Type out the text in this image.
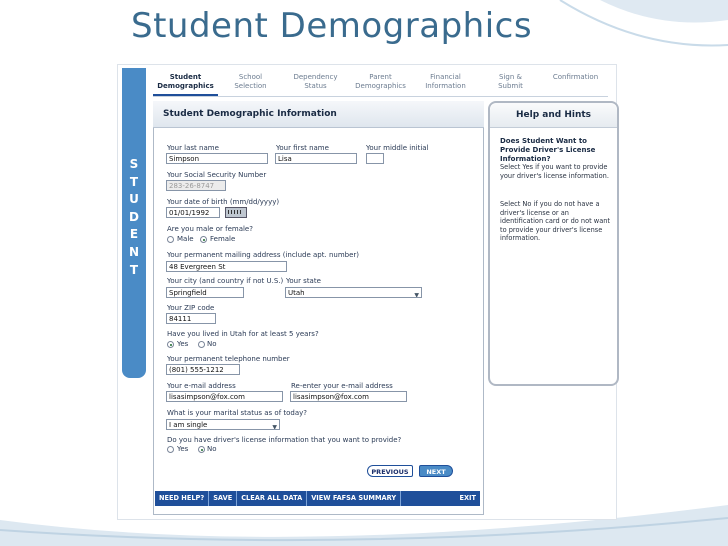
Student Demographics
S
T
U
D
E
N
T
Student
Demographics
School
Selection
Dependency
Status
Parent
Demographics
Financial
Information
Sign &
Submit
Confirmation
Student Demographic Information
Your last name
Simpson
Your first name
Lisa
Your middle initial
Your Social Security Number
283-26-8747
Your date of birth (mm/dd/yyyy)
01/01/1992
Are you male or female?
Male Female
Your permanent mailing address (include apt. number)
48 Evergreen St
Your city (and country if not U.S.)
Springfield
Your state
Utah	▼
Your ZIP code
84111
Have you lived in Utah for at least 5 years?
Yes	No
Your permanent telephone number
(801) 555-1212
Your e-mail address
lisasimpson@fox.com
Re-enter your e-mail address
lisasimpson@fox.com
What is your marital status as of today?
I am single	▼
Do you have driver's license information that you want to provide?
Yes	No
PREVIOUS	NEXT
NEED HELP?	SAVE	CLEAR ALL DATA	VIEW FAFSA SUMMARY	EXIT
Help and Hints
Does Student Want to Provide Driver's License Information?
Select Yes if you want to provide your driver's license information.
Select No if you do not have a driver's license or an identification card or do not want to provide your driver's license information.
